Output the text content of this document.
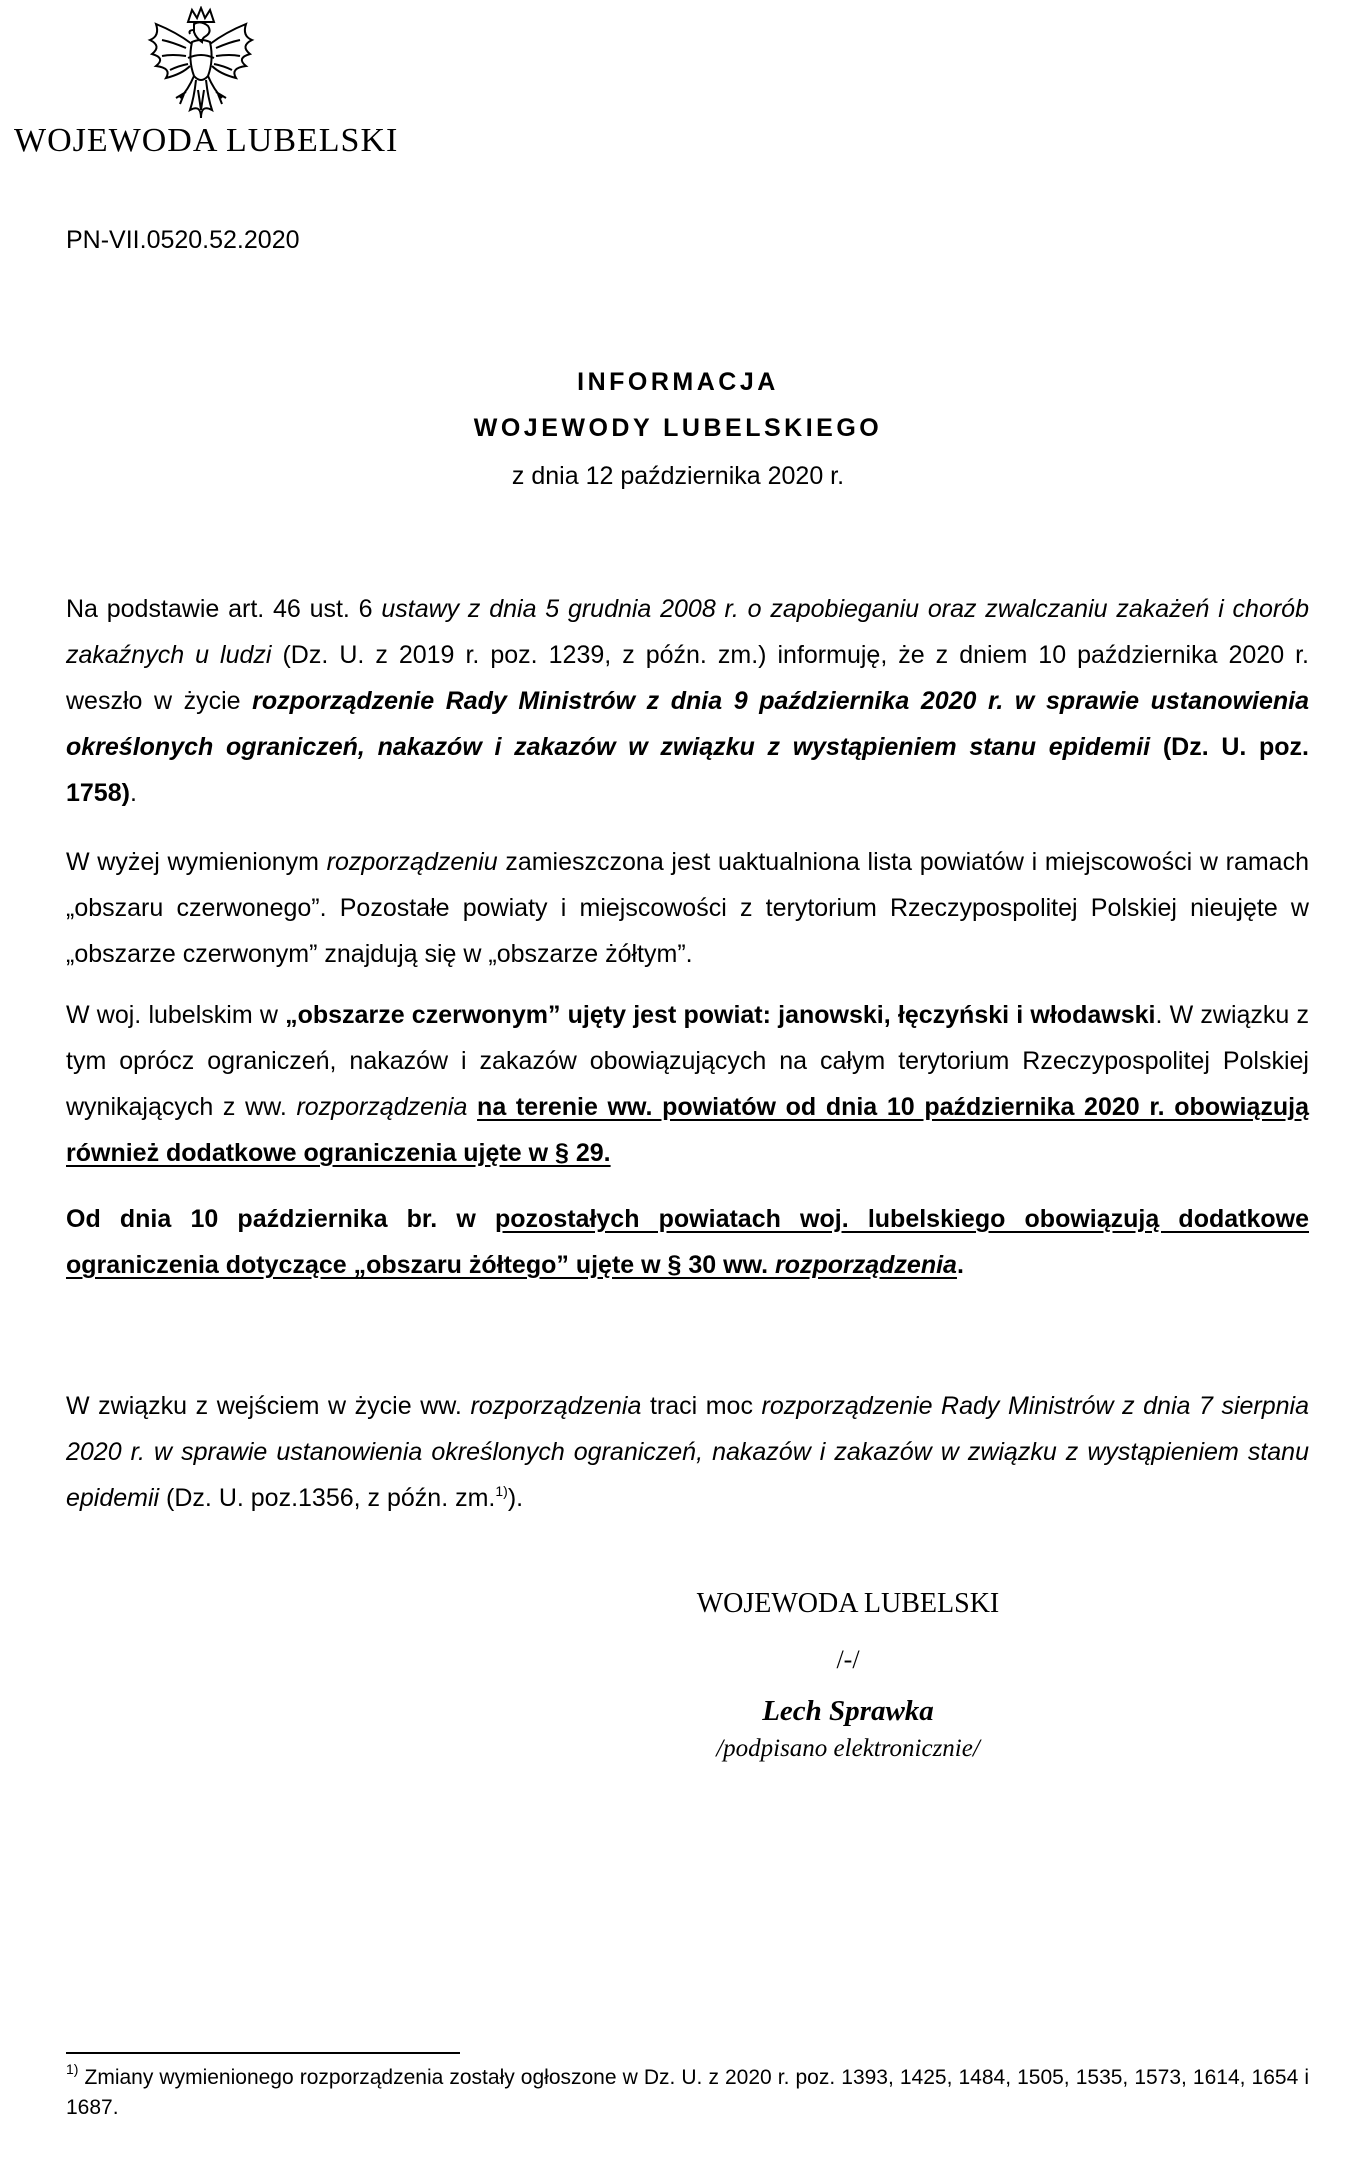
WOJEWODA LUBELSKI
PN-VII.0520.52.2020
INFORMACJA
WOJEWODY LUBELSKIEGO
z dnia 12 października 2020 r.

Na podstawie art. 46 ust. 6 ustawy z dnia 5 grudnia 2008 r. o zapobieganiu oraz zwalczaniu zakażeń i chorób zakaźnych u ludzi (Dz. U. z 2019 r. poz. 1239, z późn. zm.) informuję, że z dniem 10 października 2020 r. weszło w życie rozporządzenie Rady Ministrów z dnia 9 października 2020 r. w sprawie ustanowienia określonych ograniczeń, nakazów i zakazów w związku z wystąpieniem stanu epidemii (Dz. U. poz. 1758).

W wyżej wymienionym rozporządzeniu zamieszczona jest uaktualniona lista powiatów i miejscowości w ramach „obszaru czerwonego”. Pozostałe powiaty i miejscowości z terytorium Rzeczypospolitej Polskiej nieujęte w „obszarze czerwonym” znajdują się w „obszarze żółtym”.

W woj. lubelskim w „obszarze czerwonym” ujęty jest powiat: janowski, łęczyński i włodawski. W związku z tym oprócz ograniczeń, nakazów i zakazów obowiązujących na całym terytorium Rzeczypospolitej Polskiej wynikających z ww. rozporządzenia na terenie ww. powiatów od dnia 10 października 2020 r. obowiązują również dodatkowe ograniczenia ujęte w § 29.

Od dnia 10 października br. w pozostałych powiatach woj. lubelskiego obowiązują dodatkowe ograniczenia dotyczące „obszaru żółtego” ujęte w § 30 ww. rozporządzenia.

W związku z wejściem w życie ww. rozporządzenia traci moc rozporządzenie Rady Ministrów z dnia 7 sierpnia 2020 r. w sprawie ustanowienia określonych ograniczeń, nakazów i zakazów w związku z wystąpieniem stanu epidemii (Dz. U. poz.1356, z późn. zm.$^{1)}$).

WOJEWODA LUBELSKI
/-/
Lech Sprawka
/podpisano elektronicznie/

$^{1)}$ Zmiany wymienionego rozporządzenia zostały ogłoszone w Dz. U. z 2020 r. poz. 1393, 1425, 1484, 1505, 1535, 1573, 1614, 1654 i 1687.
